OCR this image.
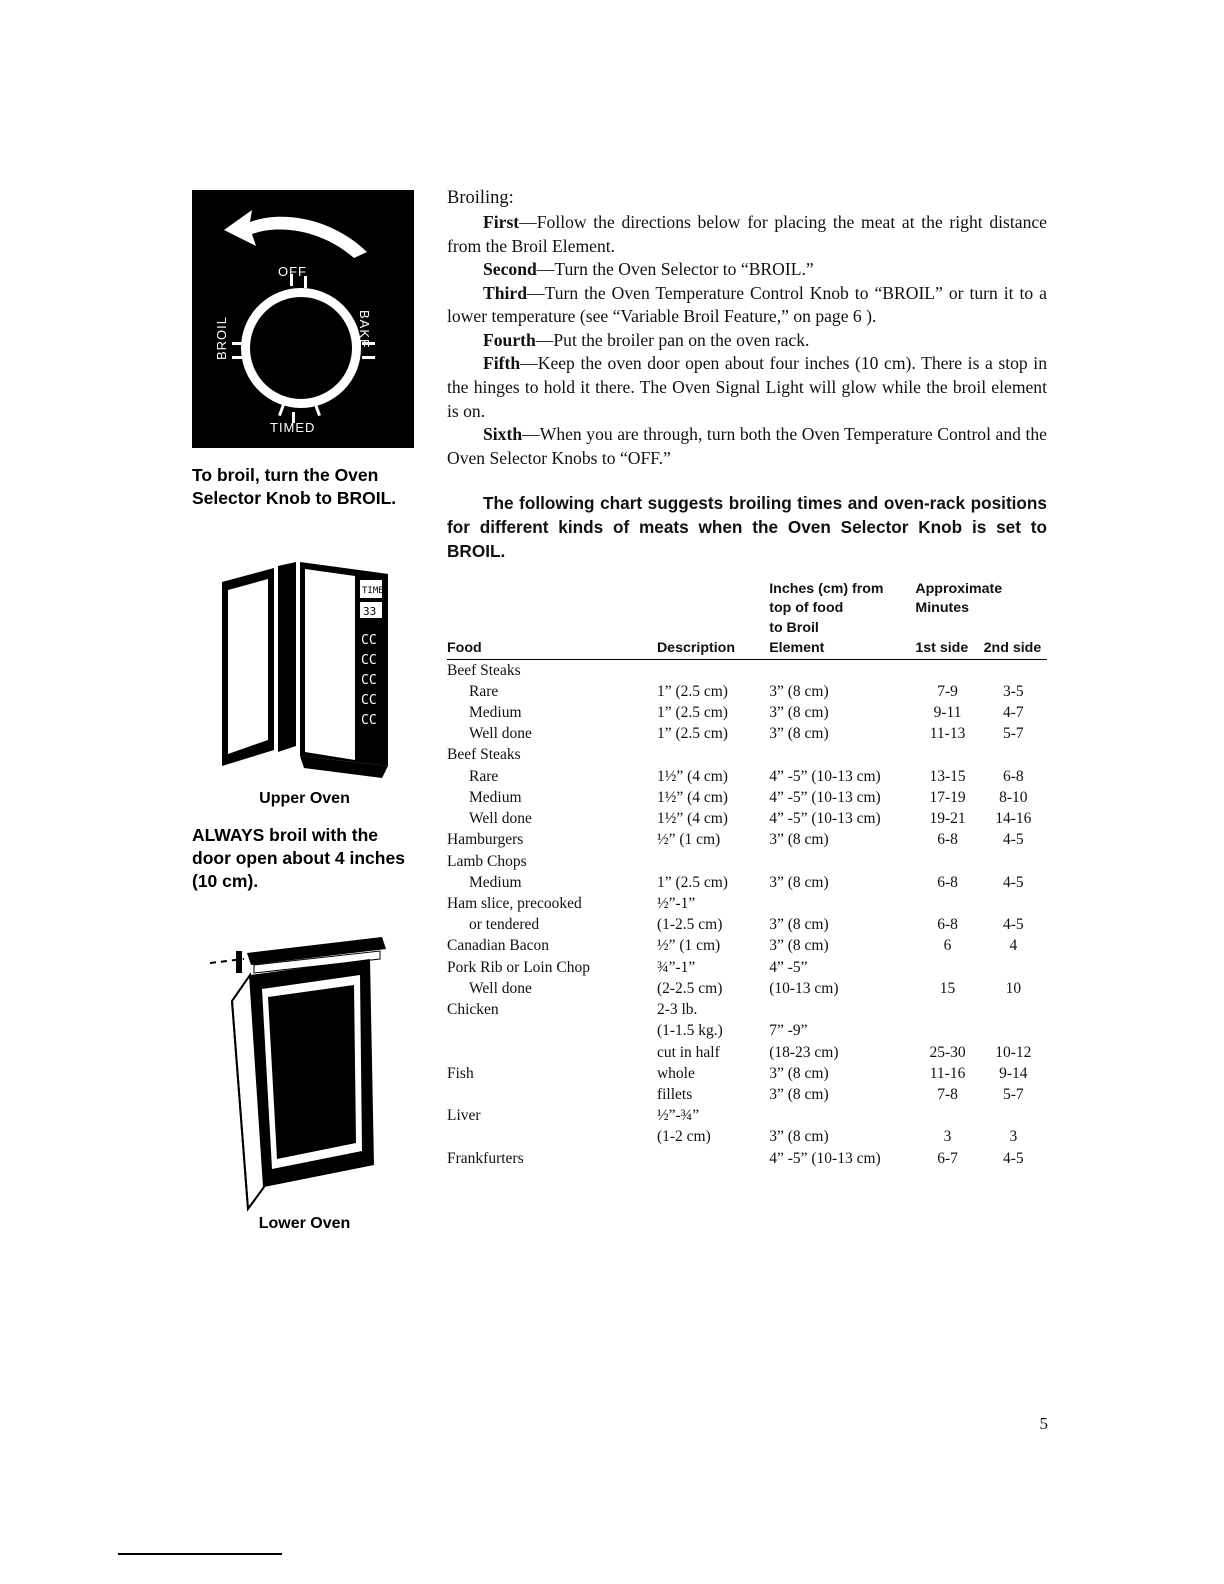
OFF
BAKE
BROIL
TIMED
To broil, turn the Oven Selector Knob to BROIL.
TIME
33
CC
CC
CC
CC
CC
Upper Oven
ALWAYS broil with the door open about 4 inches (10 cm).
Lower Oven
Broiling:

First—Follow the directions below for placing the meat at the right distance from the Broil Element.

Second—Turn the Oven Selector to “BROIL.”

Third—Turn the Oven Temperature Control Knob to “BROIL” or turn it to a lower temperature (see “Variable Broil Feature,” on page 6 ).

Fourth—Put the broiler pan on the oven rack.

Fifth—Keep the oven door open about four inches (10 cm). There is a stop in the hinges to hold it there. The Oven Signal Light will glow while the broil element is on.

Sixth—When you are through, turn both the Oven Temperature Control and the Oven Selector Knobs to “OFF.”

The following chart suggests broiling times and oven-rack positions for different kinds of meats when the Oven Selector Knob is set to BROIL.

		Inches (cm) from	Approximate	
		top of food	Minutes	
		to Broil		
Food	Description	Element	1st side	2nd side
Beef Steaks				
Rare	1” (2.5 cm)	3” (8 cm)	7-9	3-5
Medium	1” (2.5 cm)	3” (8 cm)	9-11	4-7
Well done	1” (2.5 cm)	3” (8 cm)	11-13	5-7
Beef Steaks				
Rare	1½” (4 cm)	4” -5” (10-13 cm)	13-15	6-8
Medium	1½” (4 cm)	4” -5” (10-13 cm)	17-19	8-10
Well done	1½” (4 cm)	4” -5” (10-13 cm)	19-21	14-16
Hamburgers	½” (1 cm)	3” (8 cm)	6-8	4-5
Lamb Chops				
Medium	1” (2.5 cm)	3” (8 cm)	6-8	4-5
Ham slice, precooked	½”-1”			
or tendered	(1-2.5 cm)	3” (8 cm)	6-8	4-5
Canadian Bacon	½” (1 cm)	3” (8 cm)	6	4
Pork Rib or Loin Chop	¾”-1”	4” -5”		
Well done	(2-2.5 cm)	(10-13 cm)	15	10
Chicken	2-3 lb.			
	(1-1.5 kg.)	7” -9”		
	cut in half	(18-23 cm)	25-30	10-12
Fish	whole	3” (8 cm)	11-16	9-14
	fillets	3” (8 cm)	7-8	5-7
Liver	½”-¾”			
	(1-2 cm)	3” (8 cm)	3	3
Frankfurters		4” -5” (10-13 cm)	6-7	4-5
5
